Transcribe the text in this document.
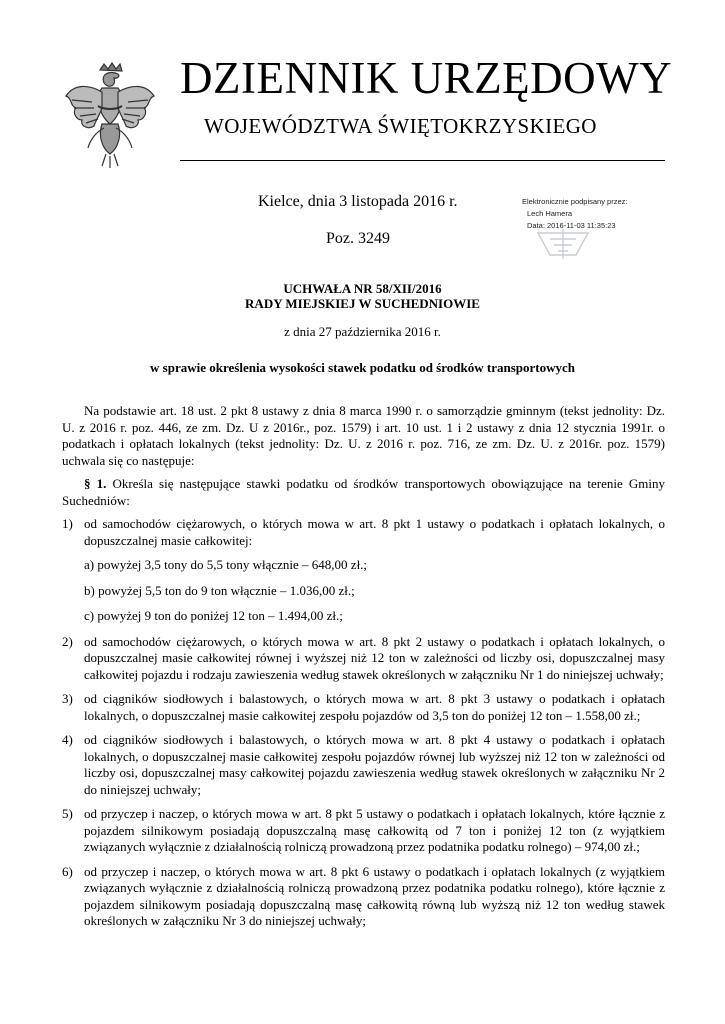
DZIENNIK URZĘDOWY
WOJEWÓDZTWA ŚWIĘTOKRZYSKIEGO
Kielce, dnia 3 listopada 2016 r.
Poz. 3249
Elektronicznie podpisany przez:
Lech Hamera
Data: 2016-11-03 11:35:23
UCHWAŁA NR 58/XII/2016
RADY MIEJSKIEJ W SUCHEDNIOWIE
z dnia 27 października 2016 r.
w sprawie określenia wysokości stawek podatku od środków transportowych

Na podstawie art. 18 ust. 2 pkt 8 ustawy z dnia 8 marca 1990 r. o samorządzie gminnym (tekst jednolity: Dz. U. z 2016 r. poz. 446, ze zm. Dz. U z 2016r., poz. 1579) i art. 10 ust. 1 i 2 ustawy z dnia 12 stycznia 1991r. o podatkach i opłatach lokalnych (tekst jednolity: Dz. U. z 2016 r. poz. 716, ze zm. Dz. U. z 2016r. poz. 1579) uchwala się co następuje:

§ 1. Określa się następujące stawki podatku od środków transportowych obowiązujące na terenie Gminy Suchedniów:

1) od samochodów ciężarowych, o których mowa w art. 8 pkt 1 ustawy o podatkach i opłatach lokalnych, o dopuszczalnej masie całkowitej:
a) powyżej 3,5 tony do 5,5 tony włącznie – 648,00 zł.;
b) powyżej 5,5 ton do 9 ton włącznie – 1.036,00 zł.;
c) powyżej 9 ton do poniżej 12 ton – 1.494,00 zł.;
2) od samochodów ciężarowych, o których mowa w art. 8 pkt 2 ustawy o podatkach i opłatach lokalnych, o dopuszczalnej masie całkowitej równej i wyższej niż 12 ton w zależności od liczby osi, dopuszczalnej masy całkowitej pojazdu i rodzaju zawieszenia według stawek określonych w załączniku Nr 1 do niniejszej uchwały;
3) od ciągników siodłowych i balastowych, o których mowa w art. 8 pkt 3 ustawy o podatkach i opłatach lokalnych, o dopuszczalnej masie całkowitej zespołu pojazdów od 3,5 ton do poniżej 12 ton – 1.558,00 zł.;
4) od ciągników siodłowych i balastowych, o których mowa w art. 8 pkt 4 ustawy o podatkach i opłatach lokalnych, o dopuszczalnej masie całkowitej zespołu pojazdów równej lub wyższej niż 12 ton w zależności od liczby osi, dopuszczalnej masy całkowitej pojazdu zawieszenia według stawek określonych w załączniku Nr 2 do niniejszej uchwały;
5) od przyczep i naczep, o których mowa w art. 8 pkt 5 ustawy o podatkach i opłatach lokalnych, które łącznie z pojazdem silnikowym posiadają dopuszczalną masę całkowitą od 7 ton i poniżej 12 ton (z wyjątkiem związanych wyłącznie z działalnością rolniczą prowadzoną przez podatnika podatku rolnego) – 974,00 zł.;
6) od przyczep i naczep, o których mowa w art. 8 pkt 6 ustawy o podatkach i opłatach lokalnych (z wyjątkiem związanych wyłącznie z działalnością rolniczą prowadzoną przez podatnika podatku rolnego), które łącznie z pojazdem silnikowym posiadają dopuszczalną masę całkowitą równą lub wyższą niż 12 ton według stawek określonych w załączniku Nr 3 do niniejszej uchwały;
